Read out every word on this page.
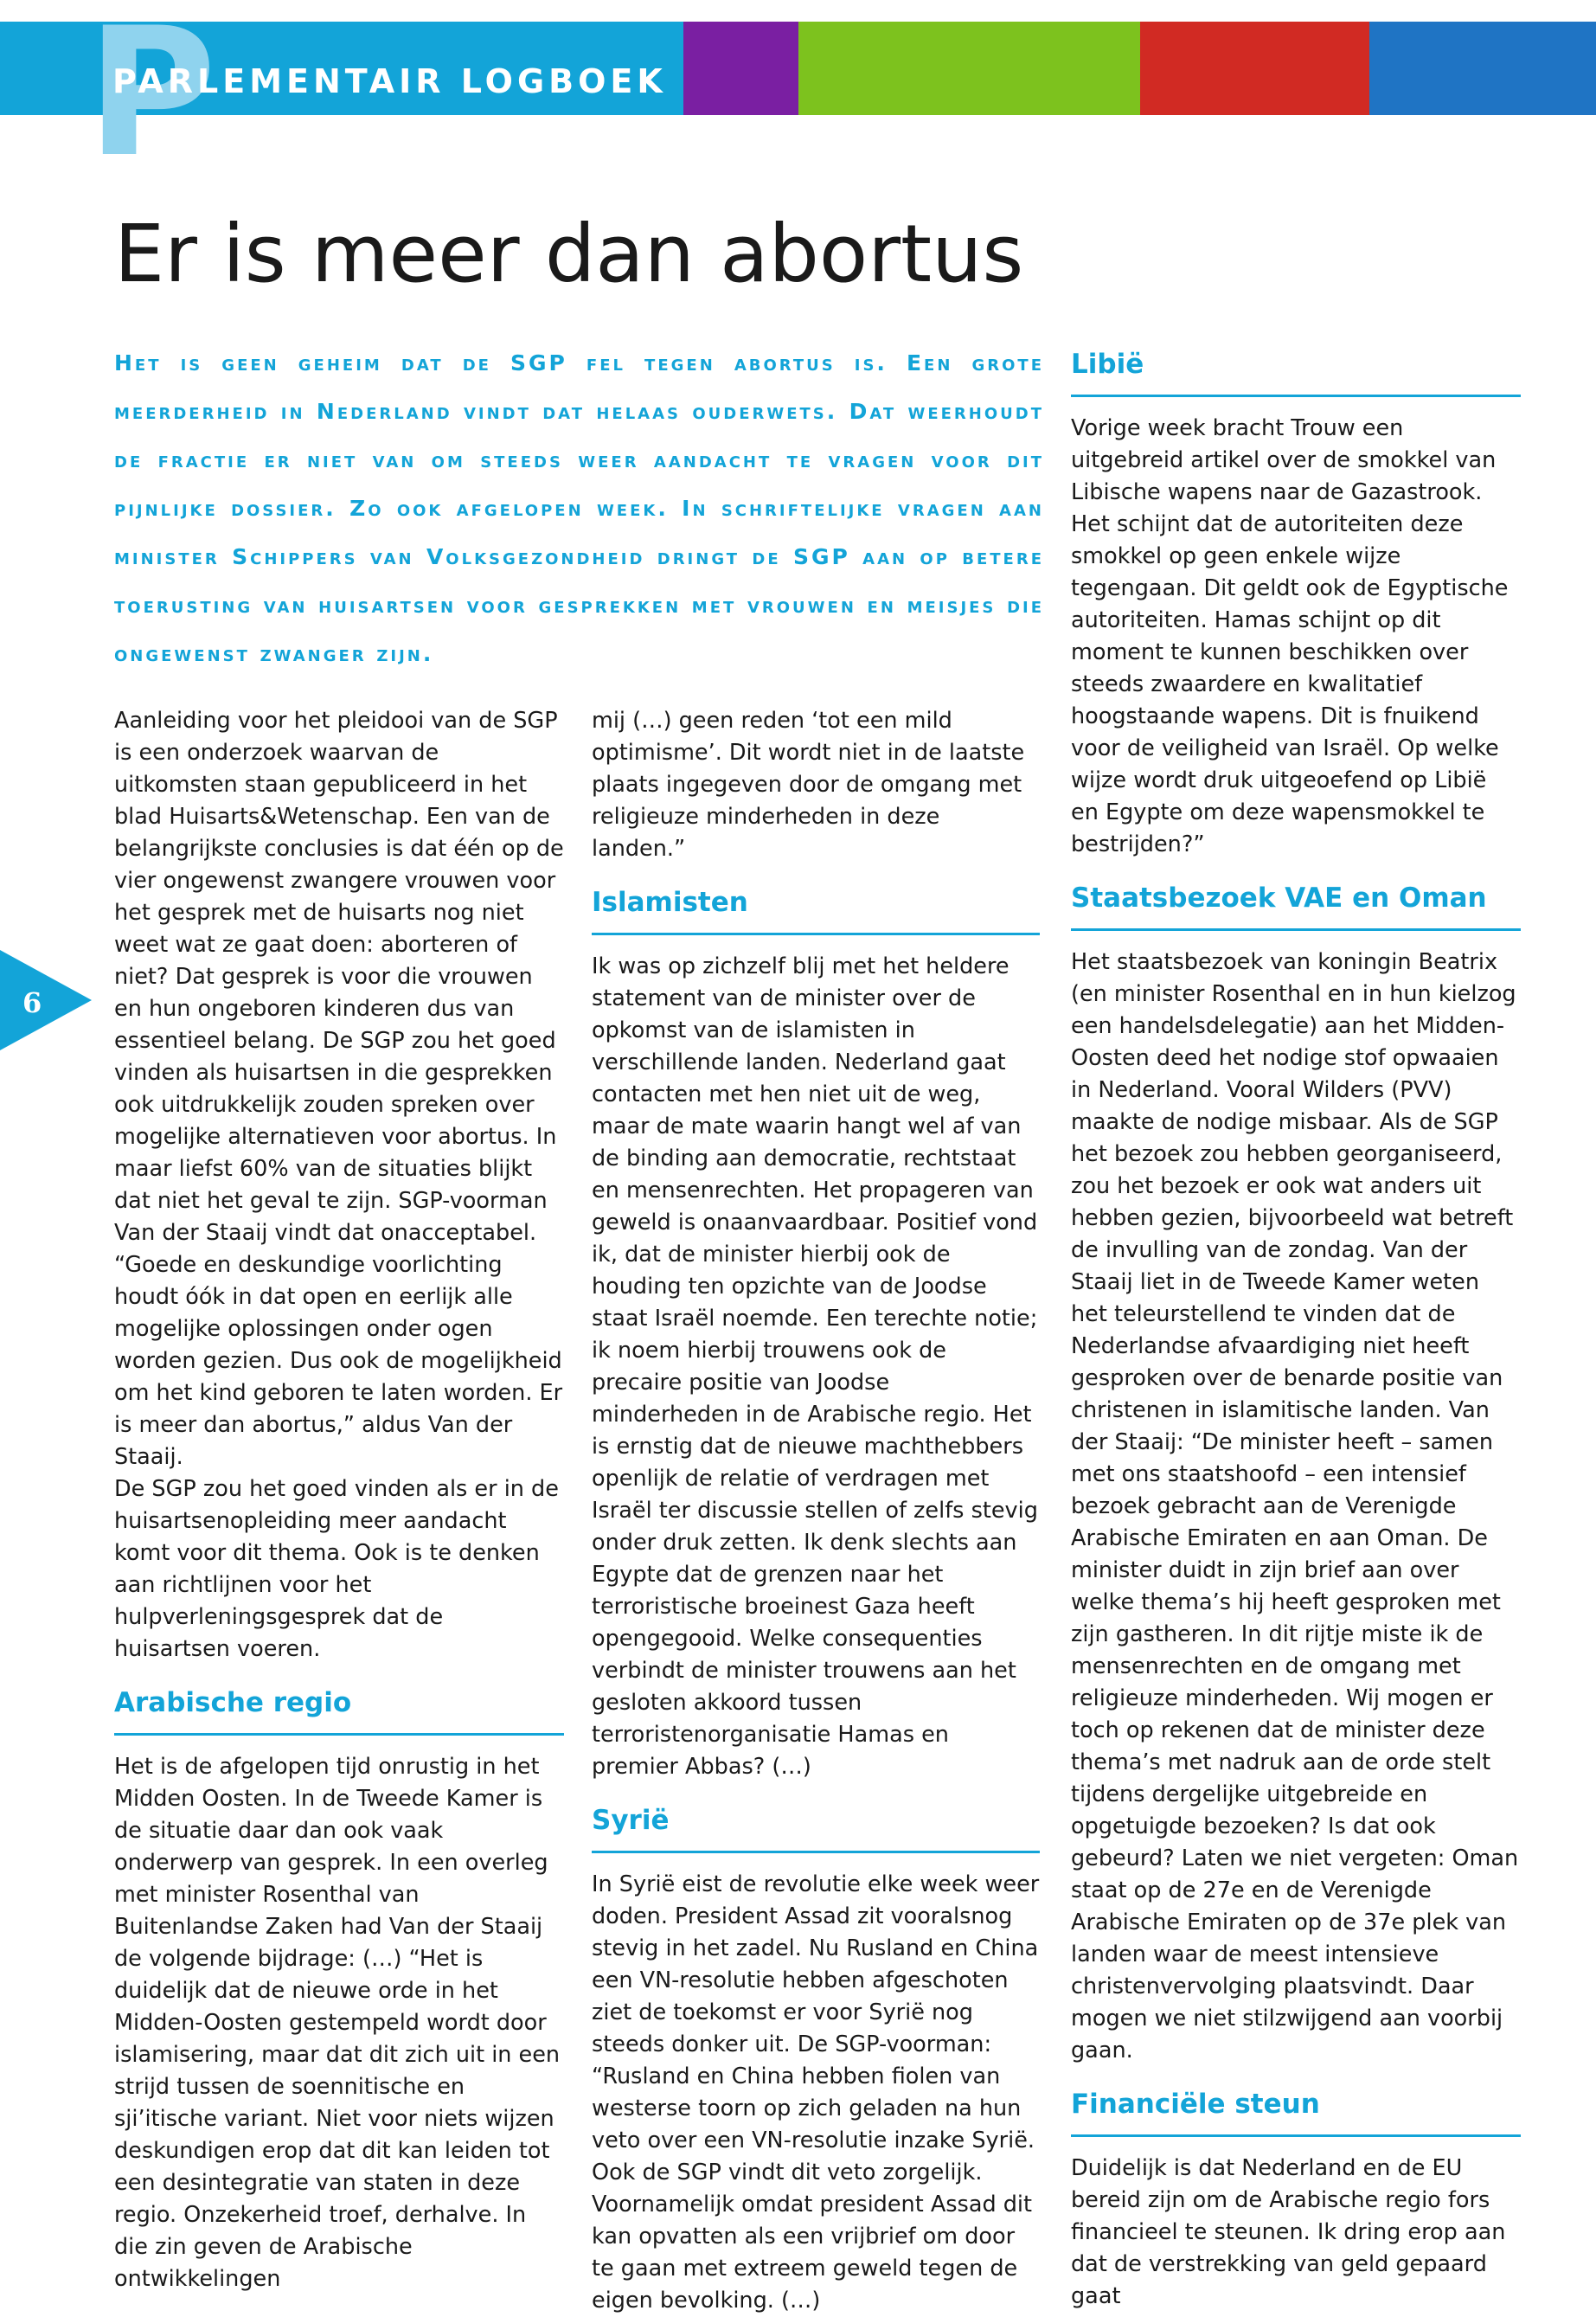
P
PARLEMENTAIR LOGBOEK
Er is meer dan abortus

Het is geen geheim dat de SGP fel tegen abortus is. Een grote meerderheid in Nederland vindt dat helaas ouderwets. Dat weerhoudt de fractie er niet van om steeds weer aandacht te vragen voor dit pijnlijke dossier. Zo ook afgelopen week. In schriftelijke vragen aan minister Schippers van Volksgezondheid dringt de SGP aan op betere toerusting van huisartsen voor gesprekken met vrouwen en meisjes die ongewenst zwanger zijn.

6

Aanleiding voor het pleidooi van de SGP is een onderzoek waarvan de uitkomsten staan gepubliceerd in het blad Huisarts&Wetenschap. Een van de belangrijkste conclusies is dat één op de vier ongewenst zwangere vrouwen voor het gesprek met de huisarts nog niet weet wat ze gaat doen: aborteren of niet? Dat gesprek is voor die vrouwen en hun ongeboren kinderen dus van essentieel belang. De SGP zou het goed vinden als huisartsen in die gesprekken ook uitdrukkelijk zouden spreken over mogelijke alternatieven voor abortus. In maar liefst 60% van de situaties blijkt dat niet het geval te zijn. SGP-voorman Van der Staaij vindt dat onacceptabel. “Goede en deskundige voorlichting houdt óók in dat open en eerlijk alle mogelijke oplossingen onder ogen worden gezien. Dus ook de mogelijkheid om het kind geboren te laten worden. Er is meer dan abortus,” aldus Van der Staaij.

De SGP zou het goed vinden als er in de huisartsenopleiding meer aandacht komt voor dit thema. Ook is te denken aan richtlijnen voor het hulpverleningsgesprek dat de huisartsen voeren.

Arabische regio

Het is de afgelopen tijd onrustig in het Midden Oosten. In de Tweede Kamer is de situatie daar dan ook vaak onderwerp van gesprek. In een overleg met minister Rosenthal van Buitenlandse Zaken had Van der Staaij de volgende bijdrage: (…) “Het is duidelijk dat de nieuwe orde in het Midden-Oosten gestempeld wordt door islamisering, maar dat dit zich uit in een strijd tussen de soennitische en sji’itische variant. Niet voor niets wijzen deskundigen erop dat dit kan leiden tot een desintegratie van staten in deze regio. Onzekerheid troef, derhalve. In die zin geven de Arabische ontwikkelingen

mij (…) geen reden ‘tot een mild optimisme’. Dit wordt niet in de laatste plaats ingegeven door de omgang met religieuze minderheden in deze landen.”

Islamisten

Ik was op zichzelf blij met het heldere statement van de minister over de opkomst van de islamisten in verschillende landen. Nederland gaat contacten met hen niet uit de weg, maar de mate waarin hangt wel af van de binding aan democratie, rechtstaat en mensenrechten. Het propageren van geweld is onaanvaardbaar. Positief vond ik, dat de minister hierbij ook de houding ten opzichte van de Joodse staat Israël noemde. Een terechte notie; ik noem hierbij trouwens ook de precaire positie van Joodse minderheden in de Arabische regio. Het is ernstig dat de nieuwe machthebbers openlijk de relatie of verdragen met Israël ter discussie stellen of zelfs stevig onder druk zetten. Ik denk slechts aan Egypte dat de grenzen naar het terroristische broeinest Gaza heeft opengegooid. Welke consequenties verbindt de minister trouwens aan het gesloten akkoord tussen terroristenorganisatie Hamas en premier Abbas? (…)

Syrië

In Syrië eist de revolutie elke week weer doden. President Assad zit vooralsnog stevig in het zadel. Nu Rusland en China een VN-resolutie hebben afgeschoten ziet de toekomst er voor Syrië nog steeds donker uit. De SGP-voorman: “Rusland en China hebben fiolen van westerse toorn op zich geladen na hun veto over een VN-resolutie inzake Syrië. Ook de SGP vindt dit veto zorgelijk. Voornamelijk omdat president Assad dit kan opvatten als een vrijbrief om door te gaan met extreem geweld tegen de eigen bevolking. (…)

Libië

Vorige week bracht Trouw een uitgebreid artikel over de smokkel van Libische wapens naar de Gazastrook. Het schijnt dat de autoriteiten deze smokkel op geen enkele wijze tegengaan. Dit geldt ook de Egyptische autoriteiten. Hamas schijnt op dit moment te kunnen beschikken over steeds zwaardere en kwalitatief hoogstaande wapens. Dit is fnuikend voor de veiligheid van Israël. Op welke wijze wordt druk uitgeoefend op Libië en Egypte om deze wapensmokkel te bestrijden?”

Staatsbezoek VAE en Oman

Het staatsbezoek van koningin Beatrix (en minister Rosenthal en in hun kielzog een handelsdelegatie) aan het Midden-Oosten deed het nodige stof opwaaien in Nederland. Vooral Wilders (PVV) maakte de nodige misbaar. Als de SGP het bezoek zou hebben georganiseerd, zou het bezoek er ook wat anders uit hebben gezien, bijvoorbeeld wat betreft de invulling van de zondag. Van der Staaij liet in de Tweede Kamer weten het teleurstellend te vinden dat de Nederlandse afvaardiging niet heeft gesproken over de benarde positie van christenen in islamitische landen. Van der Staaij: “De minister heeft – samen met ons staatshoofd – een intensief bezoek gebracht aan de Verenigde Arabische Emiraten en aan Oman. De minister duidt in zijn brief aan over welke thema’s hij heeft gesproken met zijn gastheren. In dit rijtje miste ik de mensenrechten en de omgang met religieuze minderheden. Wij mogen er toch op rekenen dat de minister deze thema’s met nadruk aan de orde stelt tijdens dergelijke uitgebreide en opgetuigde bezoeken? Is dat ook gebeurd? Laten we niet vergeten: Oman staat op de 27e en de Verenigde Arabische Emiraten op de 37e plek van landen waar de meest intensieve christenvervolging plaatsvindt. Daar mogen we niet stilzwijgend aan voorbij gaan.

Financiële steun

Duidelijk is dat Nederland en de EU bereid zijn om de Arabische regio fors financieel te steunen. Ik dring erop aan dat de verstrekking van geld gepaard gaat
